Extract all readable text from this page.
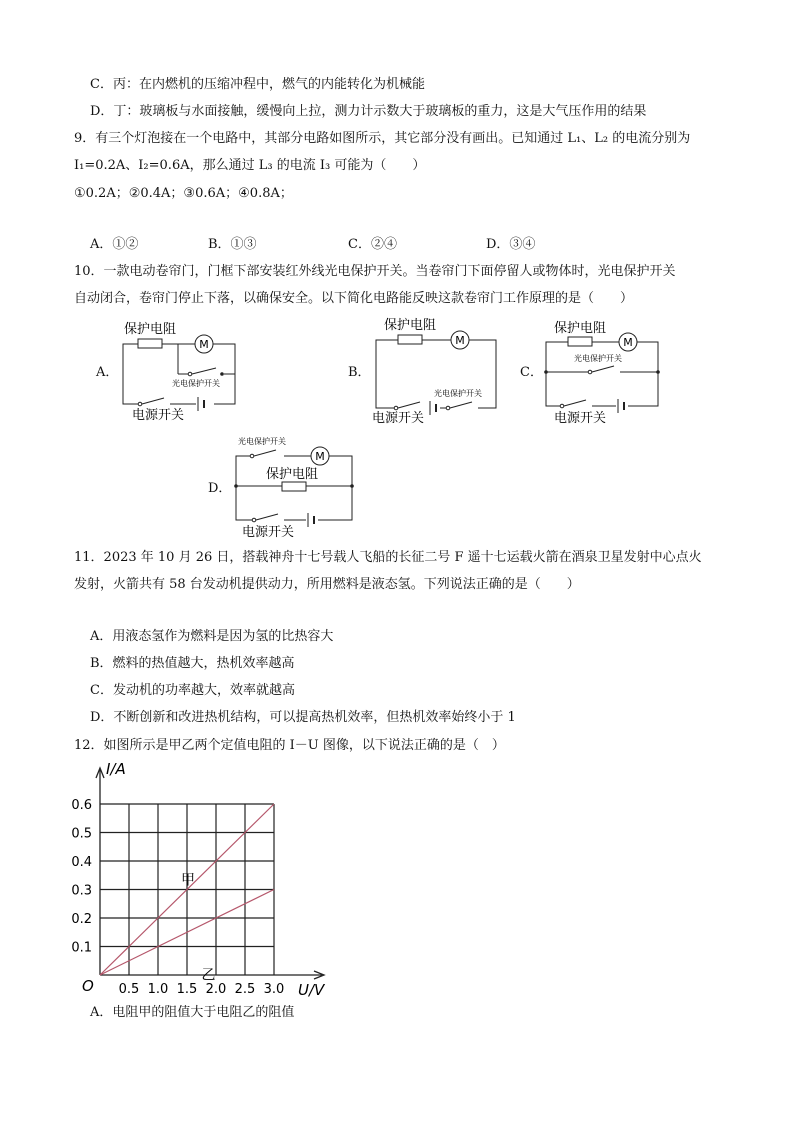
C．丙：在内燃机的压缩冲程中，燃气的内能转化为机械能
D．丁：玻璃板与水面接触，缓慢向上拉，测力计示数大于玻璃板的重力，这是大气压作用的结果
9．有三个灯泡接在一个电路中，其部分电路如图所示，其它部分没有画出。已知通过 L₁、L₂ 的电流分别为
I₁=0.2A、I₂=0.6A，那么通过 L₃ 的电流 I₃ 可能为（　　）
①0.2A；②0.4A；③0.6A；④0.8A；
A．①②	B．①③	C．②④	D．③④
10．一款电动卷帘门，门框下部安装红外线光电保护开关。当卷帘门下面停留人或物体时，光电保护开关
自动闭合，卷帘门停止下落，以确保安全。以下简化电路能反映这款卷帘门工作原理的是（　　）
A．
M
保护电阻
光电保护开关
电源开关
B．
M
保护电阻
光电保护开关
电源开关
C．
M
保护电阻
光电保护开关
电源开关
D．
M
光电保护开关
保护电阻
电源开关
11．2023 年 10 月 26 日，搭载神舟十七号载人飞船的长征二号 F 遥十七运载火箭在酒泉卫星发射中心点火
发射，火箭共有 58 台发动机提供动力，所用燃料是液态氢。下列说法正确的是（　　）
A．用液态氢作为燃料是因为氢的比热容大
B．燃料的热值越大，热机效率越高
C．发动机的功率越大，效率就越高
D．不断创新和改进热机结构，可以提高热机效率，但热机效率始终小于 1
12．如图所示是甲乙两个定值电阻的 I－U 图像，以下说法正确的是（　）
0.5 1.0 1.5 2.0 2.5 3.0
0.1
0.2
0.3
0.4
0.5
0.6
I/A
U/V
O
甲
乙
A．电阻甲的阻值大于电阻乙的阻值
